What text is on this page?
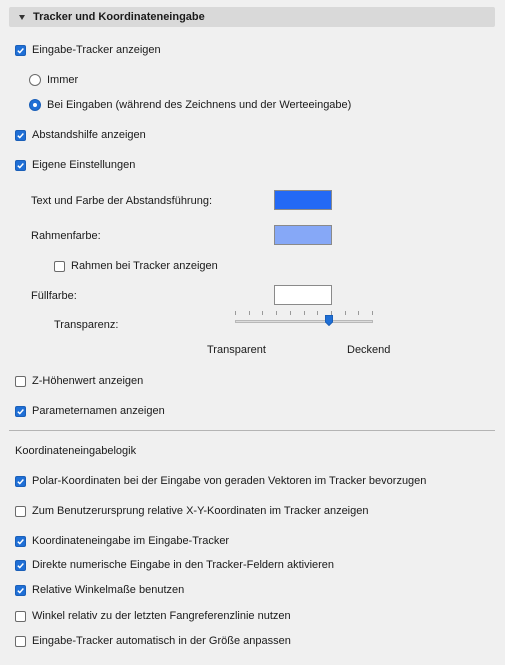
Tracker und Koordinateneingabe
Eingabe-Tracker anzeigen
Immer
Bei Eingaben (während des Zeichnens und der Werteeingabe)
Abstandshilfe anzeigen
Eigene Einstellungen
Text und Farbe der Abstandsführung:
Rahmenfarbe:
Rahmen bei Tracker anzeigen
Füllfarbe:
Transparenz:
Transparent	Deckend
Z-Höhenwert anzeigen
Parameternamen anzeigen
Koordinateneingabelogik
Polar-Koordinaten bei der Eingabe von geraden Vektoren im Tracker bevorzugen
Zum Benutzerursprung relative X-Y-Koordinaten im Tracker anzeigen
Koordinateneingabe im Eingabe-Tracker
Direkte numerische Eingabe in den Tracker-Feldern aktivieren
Relative Winkelmaße benutzen
Winkel relativ zu der letzten Fangreferenzlinie nutzen
Eingabe-Tracker automatisch in der Größe anpassen
